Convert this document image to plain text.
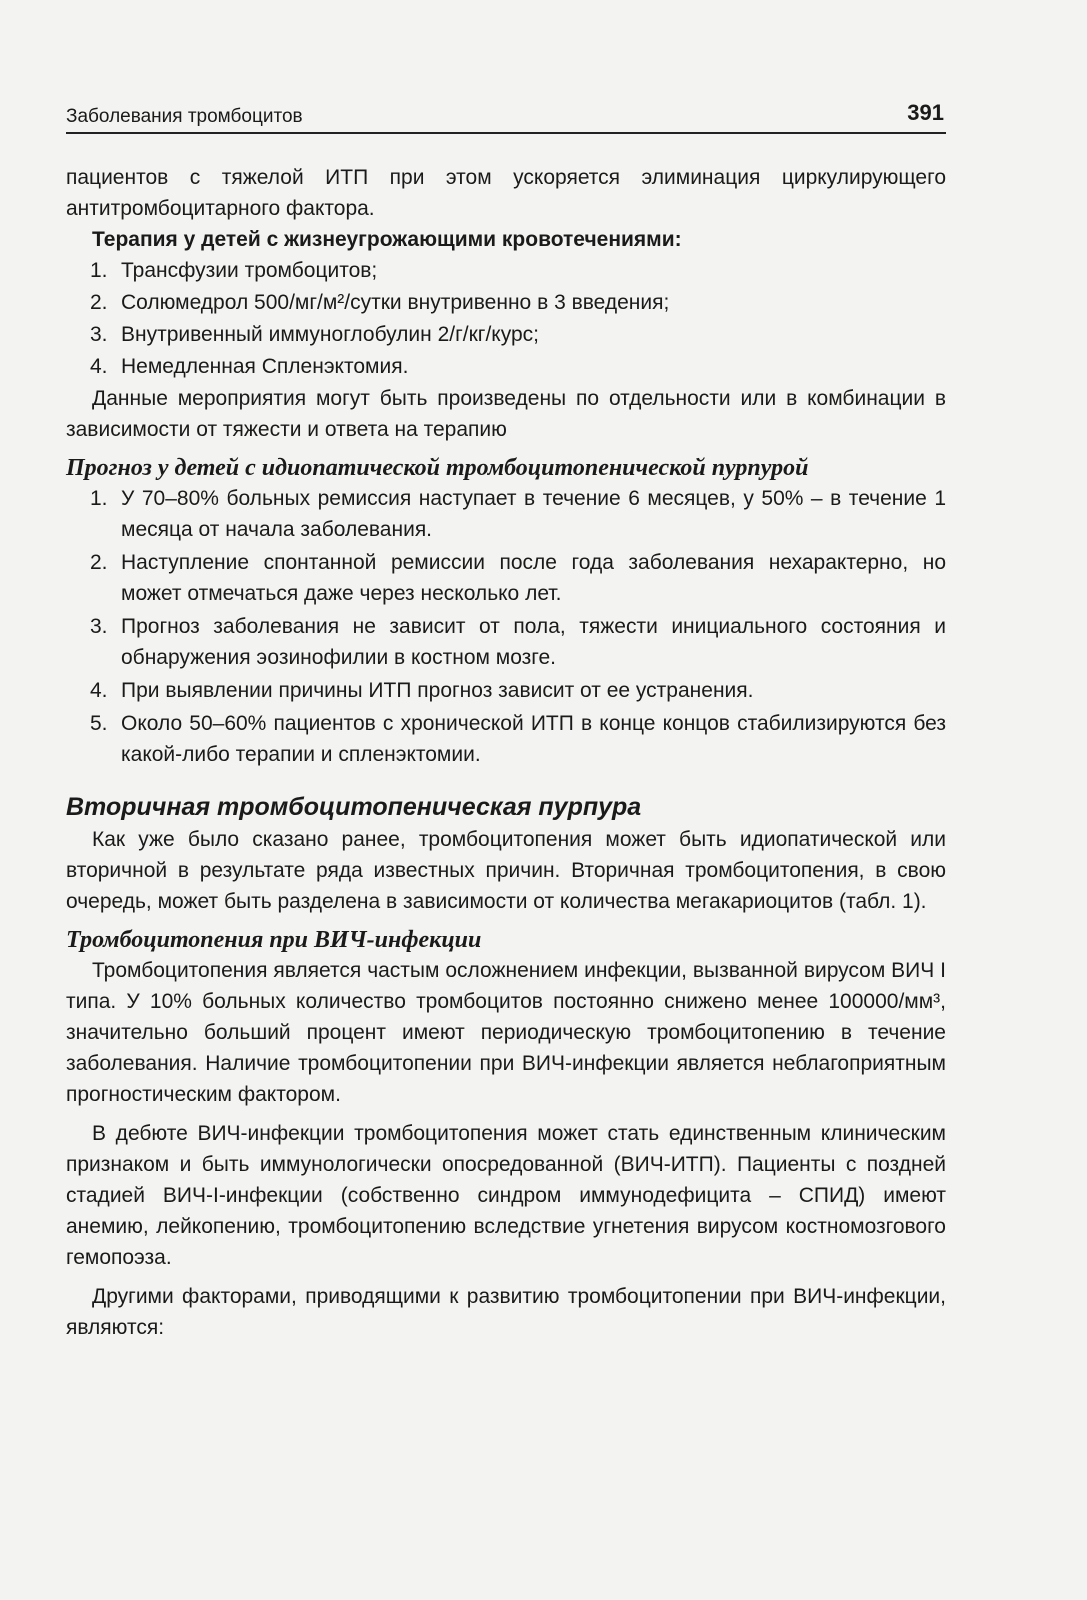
Заболевания тромбоцитов	391

пациентов с тяжелой ИТП при этом ускоряется элиминация циркулирующего антитромбоцитарного фактора.

Терапия у детей с жизнеугрожающими кровотечениями:

1. Трансфузии тромбоцитов;
2. Солюмедрол 500/мг/м²/сутки внутривенно в 3 введения;
3. Внутривенный иммуноглобулин 2/г/кг/курс;
4. Немедленная Спленэктомия.

Данные мероприятия могут быть произведены по отдельности или в комбинации в зависимости от тяжести и ответа на терапию

Прогноз у детей с идиопатической тромбоцитопенической пурпурой

1. У 70–80% больных ремиссия наступает в течение 6 месяцев, у 50% – в течение 1 месяца от начала заболевания.
2. Наступление спонтанной ремиссии после года заболевания нехарактерно, но может отмечаться даже через несколько лет.
3. Прогноз заболевания не зависит от пола, тяжести инициального состояния и обнаружения эозинофилии в костном мозге.
4. При выявлении причины ИТП прогноз зависит от ее устранения.
5. Около 50–60% пациентов с хронической ИТП в конце концов стабилизируются без какой-либо терапии и спленэктомии.

Вторичная тромбоцитопеническая пурпура

Как уже было сказано ранее, тромбоцитопения может быть идиопатической или вторичной в результате ряда известных причин. Вторичная тромбоцитопения, в свою очередь, может быть разделена в зависимости от количества мегакариоцитов (табл. 1).

Тромбоцитопения при ВИЧ-инфекции

Тромбоцитопения является частым осложнением инфекции, вызванной вирусом ВИЧ I типа. У 10% больных количество тромбоцитов постоянно снижено менее 100000/мм³, значительно больший процент имеют периодическую тромбоцитопению в течение заболевания. Наличие тромбоцитопении при ВИЧ-инфекции является неблагоприятным прогностическим фактором.

В дебюте ВИЧ-инфекции тромбоцитопения может стать единственным клиническим признаком и быть иммунологически опосредованной (ВИЧ-ИТП). Пациенты с поздней стадией ВИЧ-I-инфекции (собственно синдром иммунодефицита – СПИД) имеют анемию, лейкопению, тромбоцитопению вследствие угнетения вирусом костномозгового гемопоэза.

Другими факторами, приводящими к развитию тромбоцитопении при ВИЧ-инфекции, являются:
